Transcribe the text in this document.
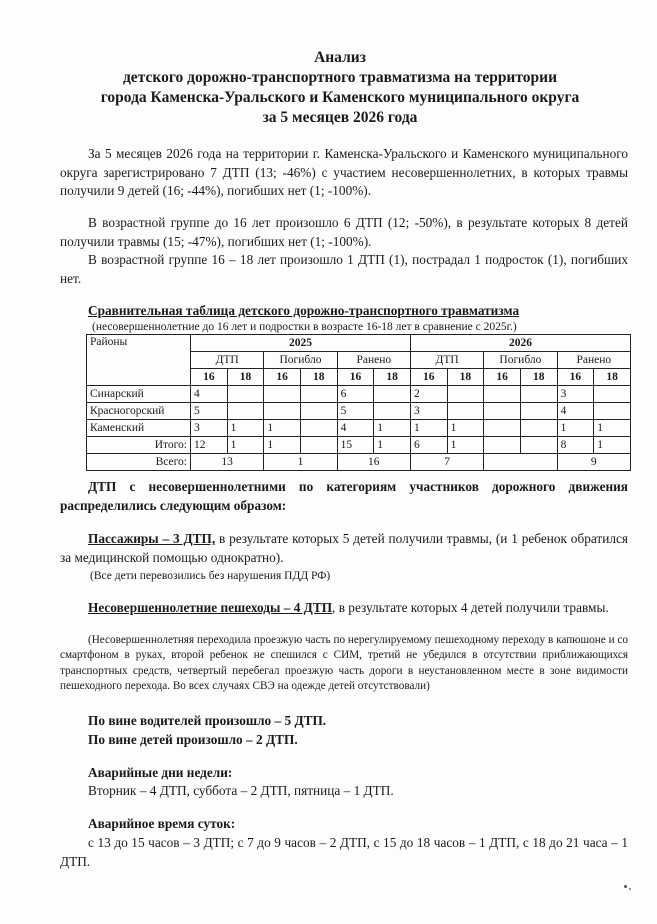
Анализ

детского дорожно-транспортного травматизма на территории

города Каменска-Уральского и Каменского муниципального округа

за 5 месяцев 2026 года

За 5 месяцев 2026 года на территории г. Каменска-Уральского и Каменского муниципального округа зарегистрировано 7 ДТП (13; -46%) с участием несовершеннолетних, в которых травмы получили 9 детей (16; -44%), погибших нет (1; -100%).

В возрастной группе до 16 лет произошло 6 ДТП (12; -50%), в результате которых 8 детей получили травмы (15; -47%), погибших нет (1; -100%).

В возрастной группе 16 – 18 лет произошло 1 ДТП (1), пострадал 1 подросток (1), погибших нет.

Сравнительная таблица детского дорожно-транспортного травматизма

(несовершеннолетние до 16 лет и подростки в возрасте 16-18 лет в сравнение с 2025г.)

Районы	2025						2026					
	ДТП		Погибло		Ранено		ДТП		Погибло		Ранено	
	16	18	16	18	16	18	16	18	16	18	16	18
Синарский	4				6		2				3	
Красногорский	5				5		3				4	
Каменский	3	1	1		4	1	1	1			1	1
Итого:	12	1	1		15	1	6	1			8	1
Всего:	13		1		16		7				9	

ДТП с несовершеннолетними по категориям участников дорожного движения распределились следующим образом:

Пассажиры – 3 ДТП, в результате которых 5 детей получили травмы, (и 1 ребенок обратился за медицинской помощью однократно).

(Все дети перевозились без нарушения ПДД РФ)

Несовершеннолетние пешеходы – 4 ДТП, в результате которых 4 детей получили травмы.

(Несовершеннолетняя переходила проезжую часть по нерегулируемому пешеходному переходу в капюшоне и со смартфоном в руках, второй ребенок не спешился с СИМ, третий не убедился в отсутствии приближающихся транспортных средств, четвертый перебегал проезжую часть дороги в неустановленном месте в зоне видимости пешеходного перехода. Во всех случаях СВЭ на одежде детей отсутствовали)

По вине водителей произошло – 5 ДТП.

По вине детей произошло – 2 ДТП.

Аварийные дни недели:

Вторник – 4 ДТП, суббота – 2 ДТП, пятница – 1 ДТП.

Аварийное время суток:

с 13 до 15 часов – 3 ДТП; с 7 до 9 часов – 2 ДТП, с 15 до 18 часов – 1 ДТП, с 18 до 21 часа – 1 ДТП.
